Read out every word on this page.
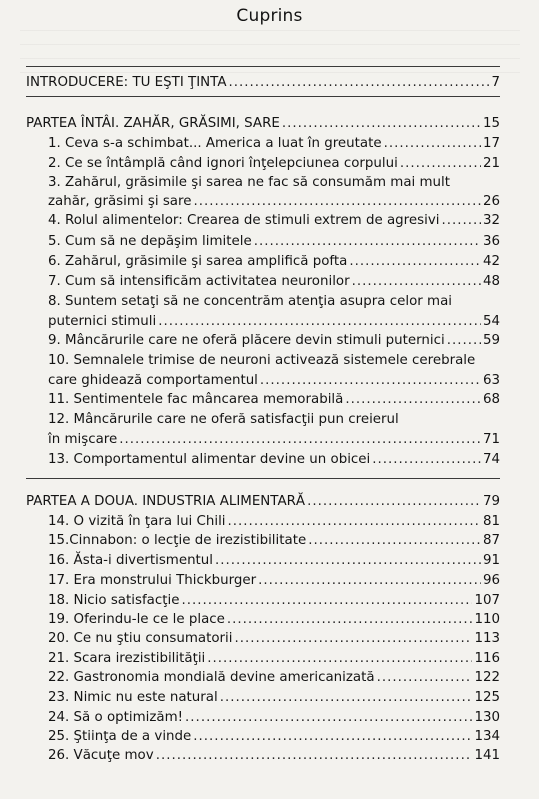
Cuprins
INTRODUCERE: TU EŞTI ŢINTA .....	7
PARTEA ÎNTÂI. ZAHĂR, GRĂSIMI, SARE .....	15
1. Ceva s-a schimbat... America a luat în greutate .....	17
2. Ce se întâmplă când ignori înţelepciunea corpului .....	21
3. Zahărul, grăsimile şi sarea ne fac să consumăm mai mult
zahăr, grăsimi şi sare .....	26
4. Rolul alimentelor: Crearea de stimuli extrem de agresivi .....	32
5. Cum să ne depăşim limitele .....	36
6. Zahărul, grăsimile şi sarea amplifică pofta .....	42
7. Cum să intensificăm activitatea neuronilor .....	48
8. Suntem setaţi să ne concentrăm atenţia asupra celor mai
puternici stimuli .....	54
9. Mâncărurile care ne oferă plăcere devin stimuli puternici .....	59
10. Semnalele trimise de neuroni activează sistemele cerebrale
care ghidează comportamentul .....	63
11. Sentimentele fac mâncarea memorabilă .....	68
12. Mâncărurile care ne oferă satisfacţii pun creierul
în mişcare .....	71
13. Comportamentul alimentar devine un obicei .....	74
PARTEA A DOUA. INDUSTRIA ALIMENTARĂ .....	79
14. O vizită în ţara lui Chili .....	81
15.Cinnabon: o lecţie de irezistibilitate .....	87
16. Ăsta-i divertismentul .....	91
17. Era monstrului Thickburger .....	96
18. Nicio satisfacţie .....	107
19. Oferindu-le ce le place .....	110
20. Ce nu ştiu consumatorii .....	113
21. Scara irezistibilităţii .....	116
22. Gastronomia mondială devine americanizată .....	122
23. Nimic nu este natural .....	125
24. Să o optimizăm! .....	130
25. Ştiinţa de a vinde .....	134
26. Văcuţe mov .....	141
